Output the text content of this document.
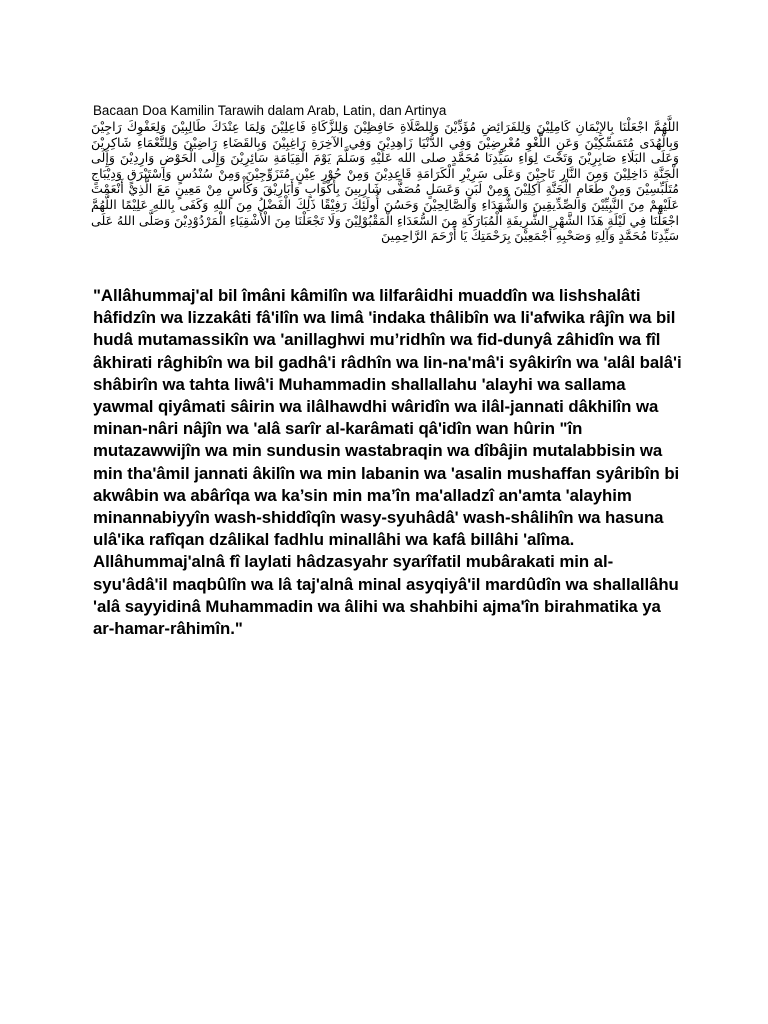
Bacaan Doa Kamilin Tarawih dalam Arab, Latin, dan Artinya
اللَّهُمَّ اجْعَلْنَا بِالإِيْمَانِ كَامِلِيْنَ وَلِلفَرَائِضِ مُؤَدِّيْنَ وَلِلصَّلَاةِ حَافِظِيْنَ وَلِلزَّكَاةِ فَاعِلِيْنَ وَلِمَا عِنْدَكَ طَالِبِيْنَ وَلِعَفْوِكَ رَاجِيْنَ وَبِالْهُدَى مُتَمَسِّكِيْنَ وَعَنِ اللَّغْوِ مُعْرِضِيْنَ وَفِي الدُّنْيَا زَاهِدِيْنَ وَفِي الآخِرَةِ رَاغِبِيْنَ وَبِالقَضَاءِ رَاضِيْنَ وَلِلنَّعْمَاءِ شَاكِرِيْنَ وَعَلَى البَلَاءِ صَابِرِيْنَ وَتَحْتَ لِوَاءِ سَيِّدِنَا مُحَمَّدٍ صلى الله عَلَيْهِ وَسَلَّمَ يَوْمَ الْقِيَامَةِ سَائِرِيْنَ وَإِلَى الْحَوْضِ وَارِدِيْنَ وَإِلَى الْجَنَّةِ دَاخِلِيْنَ وَمِنَ النَّارِ نَاجِيْنَ وَعَلَى سَرِيْرِ الْكَرَامَةِ قَاعِدِيْنَ وَمِنْ حُوْرٍ عِيْنٍ مُتَزَوِّجِيْنَ وَمِنْ سُنْدُسٍ وَاِسْتَبْرَقٍ وَدِيْبَاجٍ مُتَلَبِّسِيْنَ وَمِنْ طَعَامِ الْجَنَّةِ آكِلِيْنَ وَمِنْ لَبَنٍ وَعَسَلٍ مُصَفًّى شَارِبِينَ بِأَكْوَابٍ وَأَبَارِيْقَ وَكَأْسٍ مِنْ مَعِينٍ مَعَ الَّذِيْ أَنْعَمْتَ عَلَيْهِمْ مِنَ النَّبِيِّيْنَ وَالصِّدِّيقِينَ وَالشُّهَدَاءِ وَالصَّالِحِيْنَ وَحَسُنَ أُولَئِكَ رَفِيْقًا ذَلِكَ الْفَضْلُ مِنَ اللهِ وَكَفَى بِاللهِ عَلِيْمًا اللَّهُمَّ اجْعَلْنَا فِي لَيْلَةِ هَذَا الشَّهْرِ الشَّرِيفَةِ الْمُبَارَكَةِ مِنَ السُّعَدَاءِ الْمَقْبُوْلِيْنَ وَلَا تَجْعَلْنَا مِنَ الْأَشْقِيَاءِ الْمَرْدُوْدِيْنَ وَصَلَّى اللهُ عَلَى سَيِّدِنَا مُحَمَّدٍ وَآلِهِ وَصَحْبِهِ أَجْمَعِيْنَ بِرَحْمَتِكَ يَا أَرْحَمَ الرَّاحِمِينَ

"Allâhummaj'al bil îmâni kâmilîn wa lilfarâidhi muaddîn wa lishshalâti hâfidzîn wa lizzakâti fâ'ilîn wa limâ 'indaka thâlibîn wa li'afwika râjîn wa bil hudâ mutamassikîn wa 'anillaghwi mu’ridhîn wa fid-dunyâ zâhidîn wa fîl âkhirati râghibîn wa bil gadhâ'i râdhîn wa lin-na'mâ'i syâkirîn wa 'alâl balâ'i shâbirîn wa tahta liwâ'i Muhammadin shallallahu 'alayhi wa sallama yawmal qiyâmati sâirin wa ilâlhawdhi wâridîn wa ilâl-jannati dâkhilîn wa minan-nâri nâjîn wa 'alâ sarîr al-karâmati qâ'idîn wan hûrin "în mutazawwijîn wa min sundusin wastabraqin wa dîbâjin mutalabbisin wa min tha'âmil jannati âkilîn wa min labanin wa 'asalin mushaffan syâribîn bi akwâbin wa abârîqa wa ka’sin min ma’în ma'alladzî an'amta 'alayhim minannabiyyîn wash-shiddîqîn wasy-syuhâdâ' wash-shâlihîn wa hasuna ulâ'ika rafîqan dzâlikal fadhlu minallâhi wa kafâ billâhi 'alîma. Allâhummaj'alnâ fî laylati hâdzasyahr syarîfatil mubârakati min al-syu'âdâ'il maqbûlîn wa lâ taj'alnâ minal asyqiyâ'il mardûdîn wa shallallâhu 'alâ sayyidinâ Muhammadin wa âlihi wa shahbihi ajma'în birahmatika ya ar-hamar-râhimîn."
